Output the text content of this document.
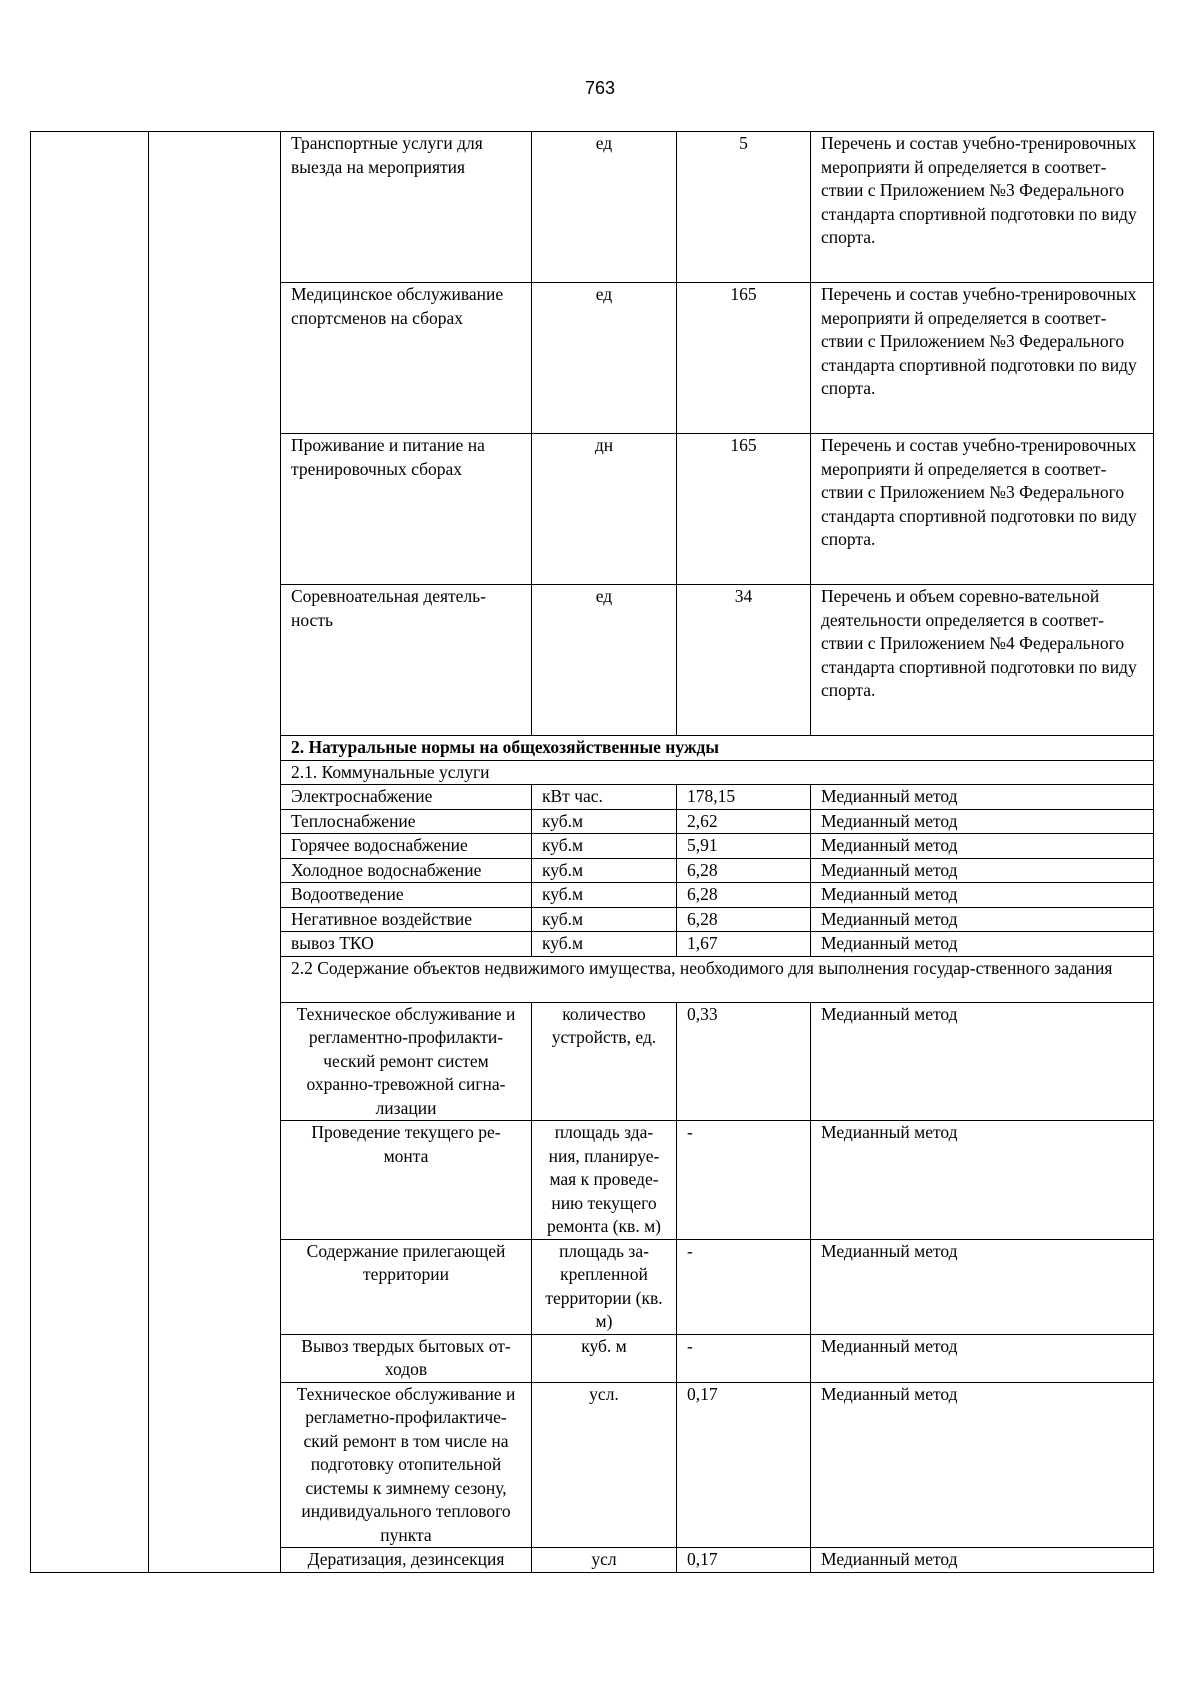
763
		Транспортные услуги для выезда на мероприятия	ед	5	Перечень и состав учебно-тренировочных мероприяти й определяется в соответ-ствии с Приложением №3 Федерального стандарта спортивной подготовки по виду спорта.
		Медицинское обслуживание спортсменов на сборах	ед	165	Перечень и состав учебно-тренировочных мероприяти й определяется в соответ-ствии с Приложением №3 Федерального стандарта спортивной подготовки по виду спорта.
		Проживание и питание на тренировочных сборах	дн	165	Перечень и состав учебно-тренировочных мероприяти й определяется в соответ-ствии с Приложением №3 Федерального стандарта спортивной подготовки по виду спорта.
		Соревноательная деятель-ность	ед	34	Перечень и объем соревно-вательной деятельности определяется в соответ-ствии с Приложением №4 Федерального стандарта спортивной подготовки по виду спорта.
		2. Натуральные нормы на общехозяйственные нужды			
		2.1. Коммунальные услуги			
		Электроснабжение	кВт час.	178,15	Медианный метод
		Теплоснабжение	куб.м	2,62	Медианный метод
		Горячее водоснабжение	куб.м	5,91	Медианный метод
		Холодное водоснабжение	куб.м	6,28	Медианный метод
		Водоотведение	куб.м	6,28	Медианный метод
		Негативное воздействие	куб.м	6,28	Медианный метод
		вывоз ТКО	куб.м	1,67	Медианный метод
		2.2 Содержание объектов недвижимого имущества, необходимого для выполнения государ-ственного задания			
		Техническое обслуживание и регламентно-профилакти-ческий ремонт систем охранно-тревожной сигна-лизации	количество устройств, ед.	0,33	Медианный метод
		Проведение текущего ре-монта	площадь зда-ния, планируе-мая к проведе-нию текущего ремонта (кв. м)	-	Медианный метод
		Содержание прилегающей территории	площадь за-крепленной территории (кв. м)	-	Медианный метод
		Вывоз твердых бытовых от-ходов	куб. м	-	Медианный метод
		Техническое обслуживание и регламетно-профилактиче-ский ремонт в том числе на подготовку отопительной системы к зимнему сезону, индивидуального теплового пункта	усл.	0,17	Медианный метод
		Дератизация, дезинсекция	усл	0,17	Медианный метод
